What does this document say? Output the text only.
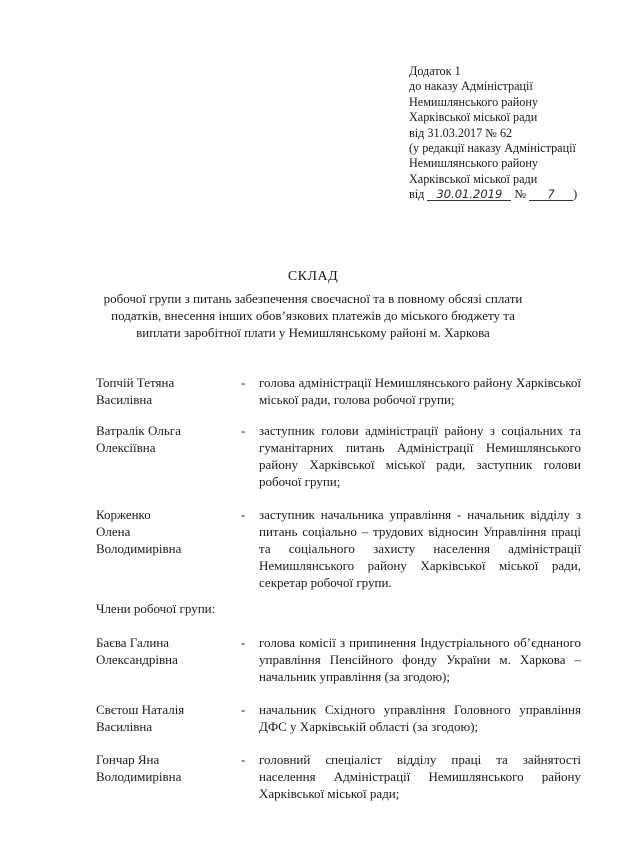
Додаток 1
до наказу Адміністрації
Немишлянського району
Харківської міської ради
від 31.03.2017 № 62
(у редакції наказу Адміністрації
Немишлянського району
Харківської міської ради
від 30.01.2019 № 7 )
СКЛАД
робочої групи з питань забезпечення своєчасної та в повному обсязі сплати
податків, внесення інших обов’язкових платежів до міського бюджету та
виплати заробітної плати у Немишлянському районі м. Харкова
Топчій Тетяна
Василівна
- голова адміністрації Немишлянського району Харківської міської ради, голова робочої групи;
Ватралік Ольга
Олексіївна
- заступник голови адміністрації району з соціальних та гуманітарних питань Адміністрації Немишлянського району Харківської міської ради, заступник голови робочої групи;
Корженко
Олена
Володимирівна
- заступник начальника управління - начальник відділу з питань соціально – трудових відносин Управління праці та соціального захисту населення адміністрації Немишлянського району Харківської міської ради, секретар робочої групи.
Члени робочої групи:
Баєва Галина
Олександрівна
- голова комісії з припинення Індустріального об’єднаного управління Пенсійного фонду України м. Харкова – начальник управління (за згодою);
Свєтош Наталія
Василівна
- начальник Східного управління Головного управління ДФС у Харківській області (за згодою);
Гончар Яна
Володимирівна
- головний спеціаліст відділу праці та зайнятості населення Адміністрації Немишлянського району Харківської міської ради;
